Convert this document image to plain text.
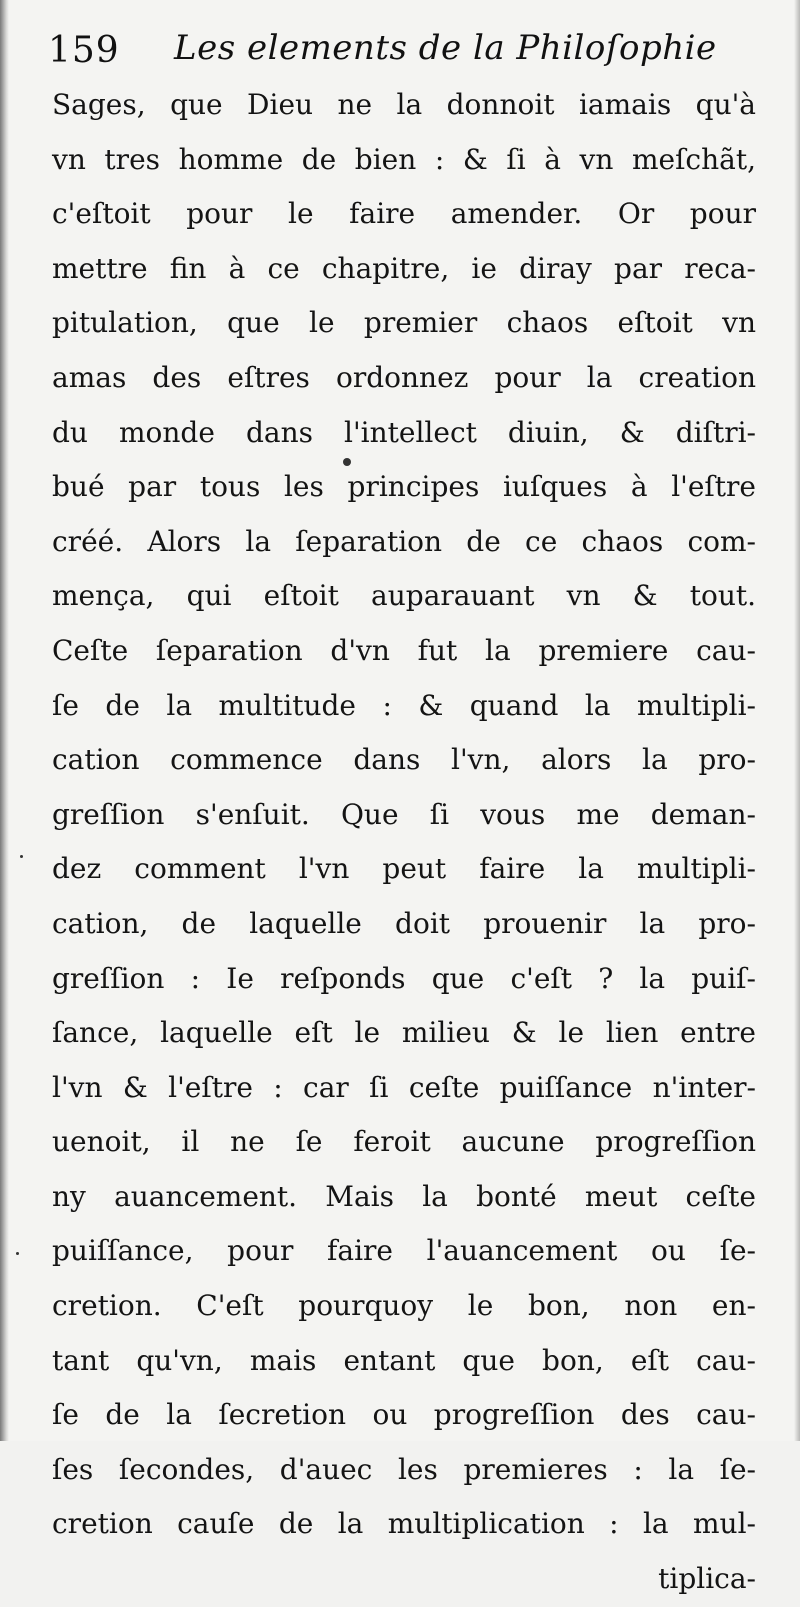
159 Les elements de la Philoſophie
Sages, que Dieu ne la donnoit iamais qu'à
vn tres homme de bien : & ſi à vn meſchãt,
c'eſtoit pour le faire amender. Or pour
mettre fin à ce chapitre, ie diray par reca-
pitulation, que le premier chaos eſtoit vn
amas des eſtres ordonnez pour la creation
du monde dans l'intellect diuin, & diſtri-
bué par tous les principes iuſques à l'eſtre
créé. Alors la ſeparation de ce chaos com-
mença, qui eſtoit auparauant vn & tout.
Ceſte ſeparation d'vn fut la premiere cau-
ſe de la multitude : & quand la multipli-
cation commence dans l'vn, alors la pro-
greſſion s'enſuit. Que ſi vous me deman-
dez comment l'vn peut faire la multipli-
cation, de laquelle doit prouenir la pro-
greſſion : Ie reſponds que c'eſt ? la puiſ-
ſance, laquelle eſt le milieu & le lien entre
l'vn & l'eſtre : car ſi ceſte puiſſance n'inter-
uenoit, il ne ſe feroit aucune progreſſion
ny auancement. Mais la bonté meut ceſte
puiſſance, pour faire l'auancement ou ſe-
cretion. C'eſt pourquoy le bon, non en-
tant qu'vn, mais entant que bon, eſt cau-
ſe de la ſecretion ou progreſſion des cau-
ſes ſecondes, d'auec les premieres : la ſe-
cretion cauſe de la multiplication : la mul-
tiplica-
